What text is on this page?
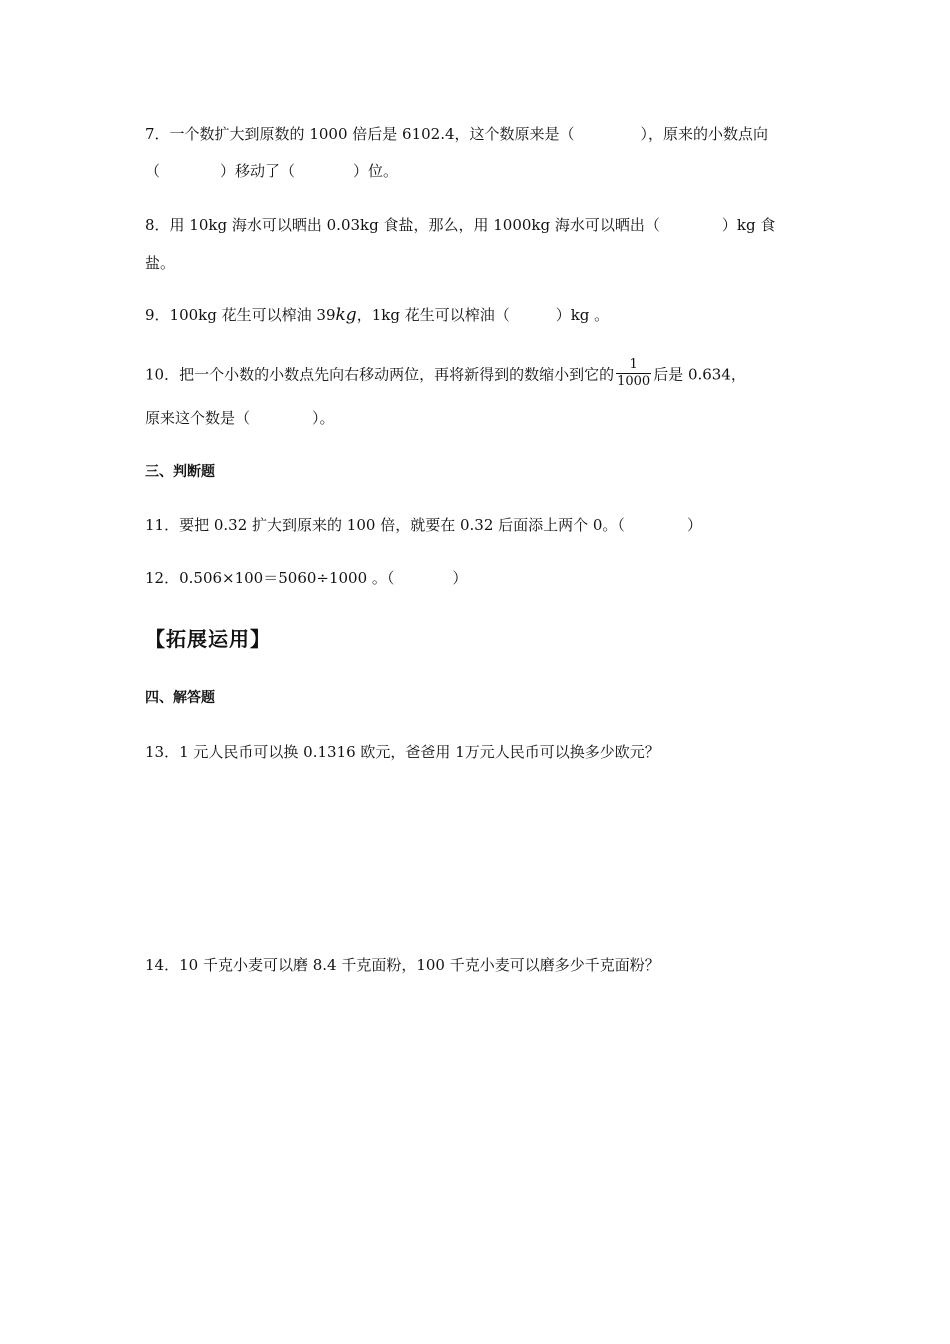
7．一个数扩大到原数的 1000 倍后是 6102.4，这个数原来是（	），原来的小数点向
（	）移动了（	）位。
8．用 10kg 海水可以晒出 0.03kg 食盐，那么，用 1000kg 海水可以晒出（	）kg 食
盐。
9．100kg 花生可以榨油 39kg，1kg 花生可以榨油（	）kg 。
10．把一个小数的小数点先向右移动两位，再将新得到的数缩小到它的 $\frac{1}{1000}$ 后是 0.634，
原来这个数是（	）。
三、判断题
11．要把 0.32 扩大到原来的 100 倍，就要在 0.32 后面添上两个 0。（	）
12．0.506×100＝5060÷1000 。（	）
【拓展运用】
四、解答题
13．1 元人民币可以换 0.1316 欧元，爸爸用 1万元人民币可以换多少欧元？
14．10 千克小麦可以磨 8.4 千克面粉，100 千克小麦可以磨多少千克面粉？
